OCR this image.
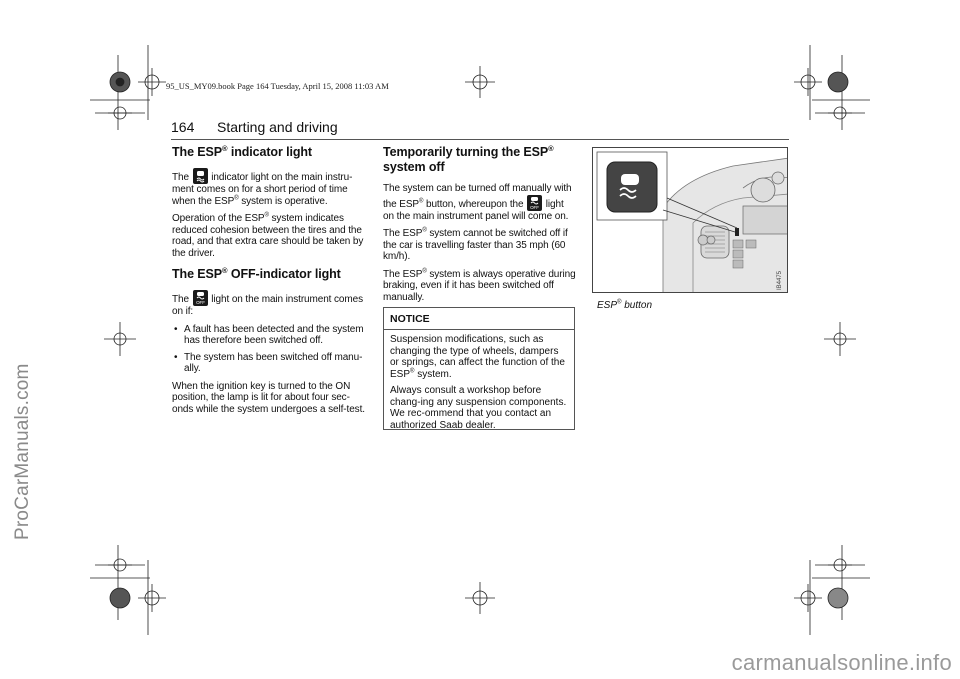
95_US_MY09.book Page 164 Tuesday, April 15, 2008 11:03 AM
164 Starting and driving
The ESP® indicator light

The
indicator light on the main instru-ment comes on for a short period of time when the ESP® system is operative.

Operation of the ESP® system indicates reduced cohesion between the tires and the road, and that extra care should be taken by the driver.

The ESP® OFF-indicator light

The OFF light on the main instrument comes on if:

• A fault has been detected and the system has therefore been switched off.
• The system has been switched off manu-ally.

When the ignition key is turned to the ON position, the lamp is lit for about four sec-onds while the system undergoes a self-test.

Temporarily turning the ESP® system off

The system can be turned off manually with the ESP® button, whereupon the OFF light on the main instrument panel will come on.

The ESP® system cannot be switched off if the car is travelling faster than 35 mph (60 km/h).

The ESP® system is always operative during braking, even if it has been switched off manually.

NOTICE

Suspension modifications, such as changing the type of wheels, dampers or springs, can affect the function of the ESP® system.

Always consult a workshop before chang-ing any suspension components. We rec-ommend that you contact an authorized Saab dealer.

IB4475
ESP® button
ProCarManuals.com
carmanualsonline.info
